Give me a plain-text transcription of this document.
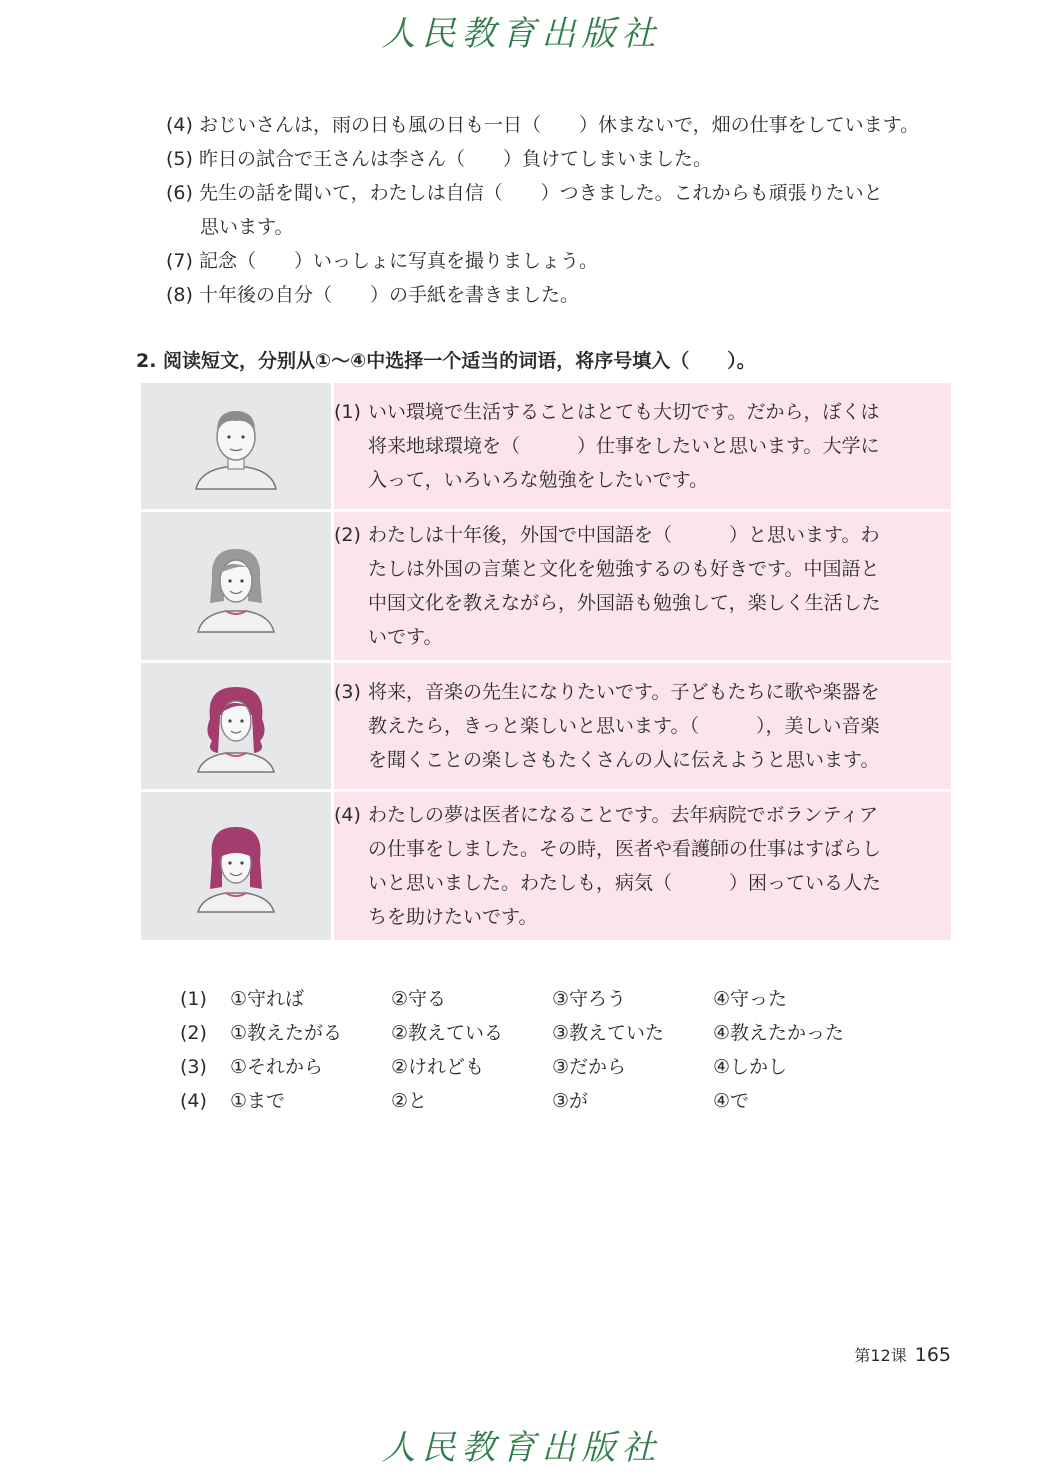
人民教育出版社
(4) おじいさんは，雨の日も風の日も一日（　　）休まないで，畑の仕事をしています。
(5) 昨日の試合で王さんは李さん（　　）負けてしまいました。
(6) 先生の話を聞いて，わたしは自信（　　）つきました。これからも頑張りたいと
思います。
(7) 記念（　　）いっしょに写真を撮りましょう。
(8) 十年後の自分（　　）の手紙を書きました。
2. 阅读短文，分别从①～④中选择一个适当的词语，将序号填入（　　）。

(1) いい環境で生活することはとても大切です。だから，ぼくは
将来地球環境を（　　　）仕事をしたいと思います。大学に
入って，いろいろな勉強をしたいです。

(2) わたしは十年後，外国で中国語を（　　　）と思います。わ
たしは外国の言葉と文化を勉強するのも好きです。中国語と
中国文化を教えながら，外国語も勉強して，楽しく生活した
いです。

(3) 将来，音楽の先生になりたいです。子どもたちに歌や楽器を
教えたら，きっと楽しいと思います。（　　　），美しい音楽
を聞くことの楽しさもたくさんの人に伝えようと思います。

(4) わたしの夢は医者になることです。去年病院でボランティア
の仕事をしました。その時，医者や看護師の仕事はすばらし
いと思いました。わたしも，病気（　　　）困っている人た
ちを助けたいです。
(1)	①守れば	②守る	③守ろう	④守った
(2)	①教えたがる	②教えている	③教えていた	④教えたかった
(3)	①それから	②けれども	③だから	④しかし
(4)	①まで	②と	③が	④で
第12课 165
人民教育出版社
